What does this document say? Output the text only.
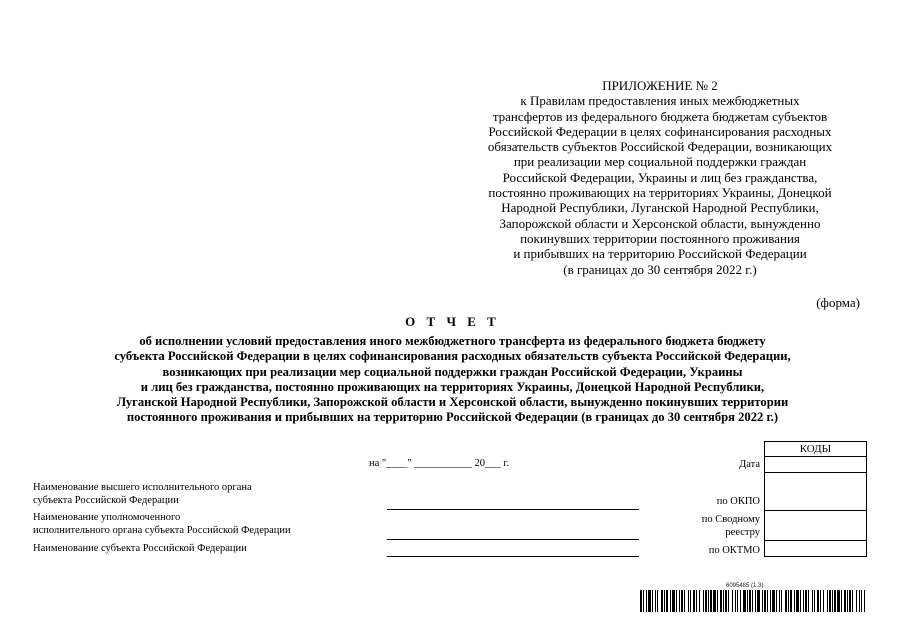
ПРИЛОЖЕНИЕ № 2
к Правилам предоставления иных межбюджетных
трансфертов из федерального бюджета бюджетам субъектов
Российской Федерации в целях софинансирования расходных
обязательств субъектов Российской Федерации, возникающих
при реализации мер социальной поддержки граждан
Российской Федерации, Украины и лиц без гражданства,
постоянно проживающих на территориях Украины, Донецкой
Народной Республики, Луганской Народной Республики,
Запорожской области и Херсонской области, вынужденно
покинувших территории постоянного проживания
и прибывших на территорию Российской Федерации
(в границах до 30 сентября 2022 г.)
(форма)
О Т Ч Е Т
об исполнении условий предоставления иного межбюджетного трансферта из федерального бюджета бюджету
субъекта Российской Федерации в целях софинансирования расходных обязательств субъекта Российской Федерации,
возникающих при реализации мер социальной поддержки граждан Российской Федерации, Украины
и лиц без гражданства, постоянно проживающих на территориях Украины, Донецкой Народной Республики,
Луганской Народной Республики, Запорожской области и Херсонской области, вынужденно покинувших территории
постоянного проживания и прибывших на территорию Российской Федерации (в границах до 30 сентября 2022 г.)
на "____" ___________ 20___ г.
Наименование высшего исполнительного органа
субъекта Российской Федерации
Наименование уполномоченного
исполнительного органа субъекта Российской Федерации
Наименование субъекта Российской Федерации
Дата
по ОКПО
по Сводному
реестру
по ОКТМО
КОДЫ
6095485 (1.3)
